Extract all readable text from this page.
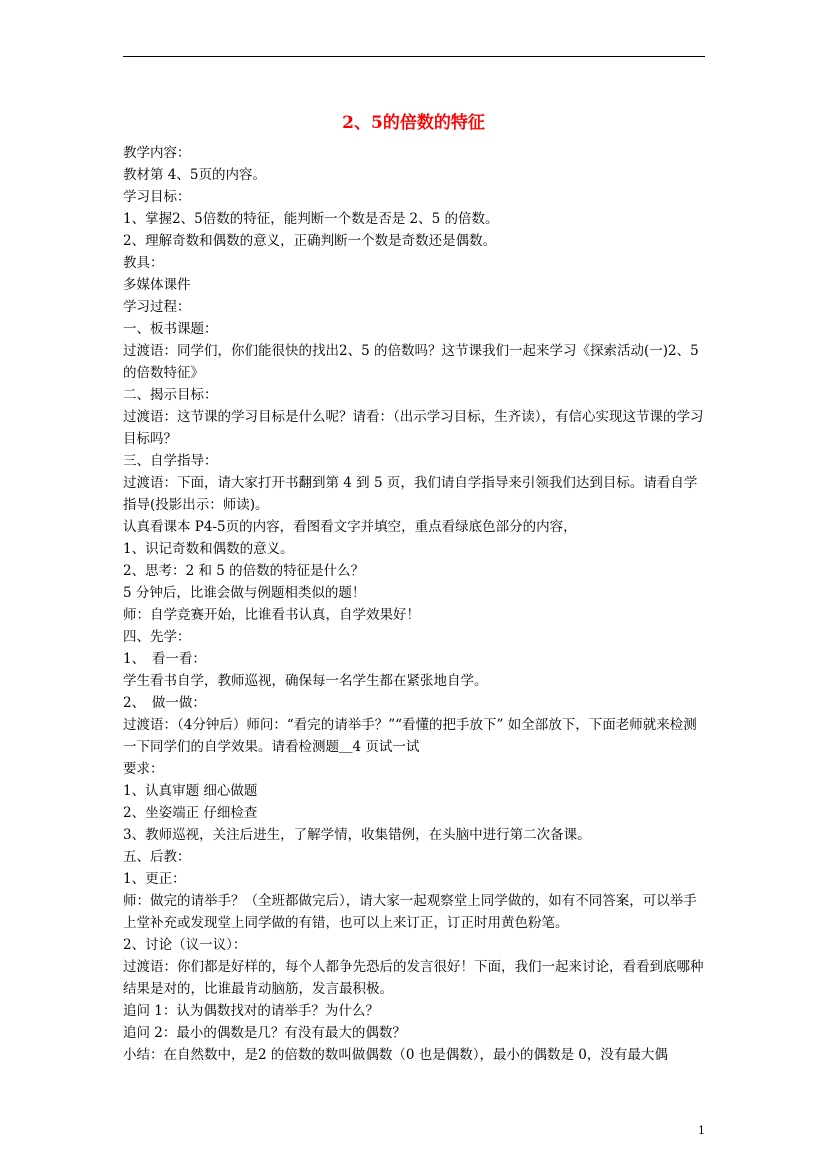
2、5的倍数的特征

教学内容：

教材第 4、5页的内容。

学习目标：

1、掌握2、5倍数的特征，能判断一个数是否是 2、5 的倍数。

2、理解奇数和偶数的意义，正确判断一个数是奇数还是偶数。

教具：

多媒体课件

学习过程：

一、板书课题：

过渡语：同学们，你们能很快的找出2、5 的倍数吗？这节课我们一起来学习《探索活动(一)2、5 的倍数特征》

二、揭示目标：

过渡语：这节课的学习目标是什么呢？请看：（出示学习目标，生齐读），有信心实现这节课的学习目标吗？

三、自学指导：

过渡语：下面，请大家打开书翻到第 4 到 5 页，我们请自学指导来引领我们达到目标。请看自学指导(投影出示：师读)。

认真看课本 P4-5页的内容，看图看文字并填空，重点看绿底色部分的内容，

1、识记奇数和偶数的意义。

2、思考：2 和 5 的倍数的特征是什么？

5 分钟后，比谁会做与例题相类似的题！

师：自学竞赛开始，比谁看书认真，自学效果好！

四、先学：

1、　看一看：

学生看书自学，教师巡视，确保每一名学生都在紧张地自学。

2、　做一做：

过渡语：（4分钟后）师问：“看完的请举手？”“看懂的把手放下” 如全部放下，下面老师就来检测一下同学们的自学效果。请看检测题＿4 页试一试

要求：

1、认真审题 细心做题

2、坐姿端正 仔细检查

3、教师巡视，关注后进生，了解学情，收集错例，在头脑中进行第二次备课。

五、后教：

1、更正：

师：做完的请举手？（全班都做完后），请大家一起观察堂上同学做的，如有不同答案，可以举手上堂补充或发现堂上同学做的有错，也可以上来订正，订正时用黄色粉笔。

2、讨论（议一议）：

过渡语：你们都是好样的，每个人都争先恐后的发言很好！下面，我们一起来讨论，看看到底哪种结果是对的，比谁最肯动脑筋，发言最积极。

追问 1：认为偶数找对的请举手？为什么？

追问 2：最小的偶数是几？有没有最大的偶数？

小结：在自然数中，是2 的倍数的数叫做偶数（0 也是偶数），最小的偶数是 0，没有最大偶

1
